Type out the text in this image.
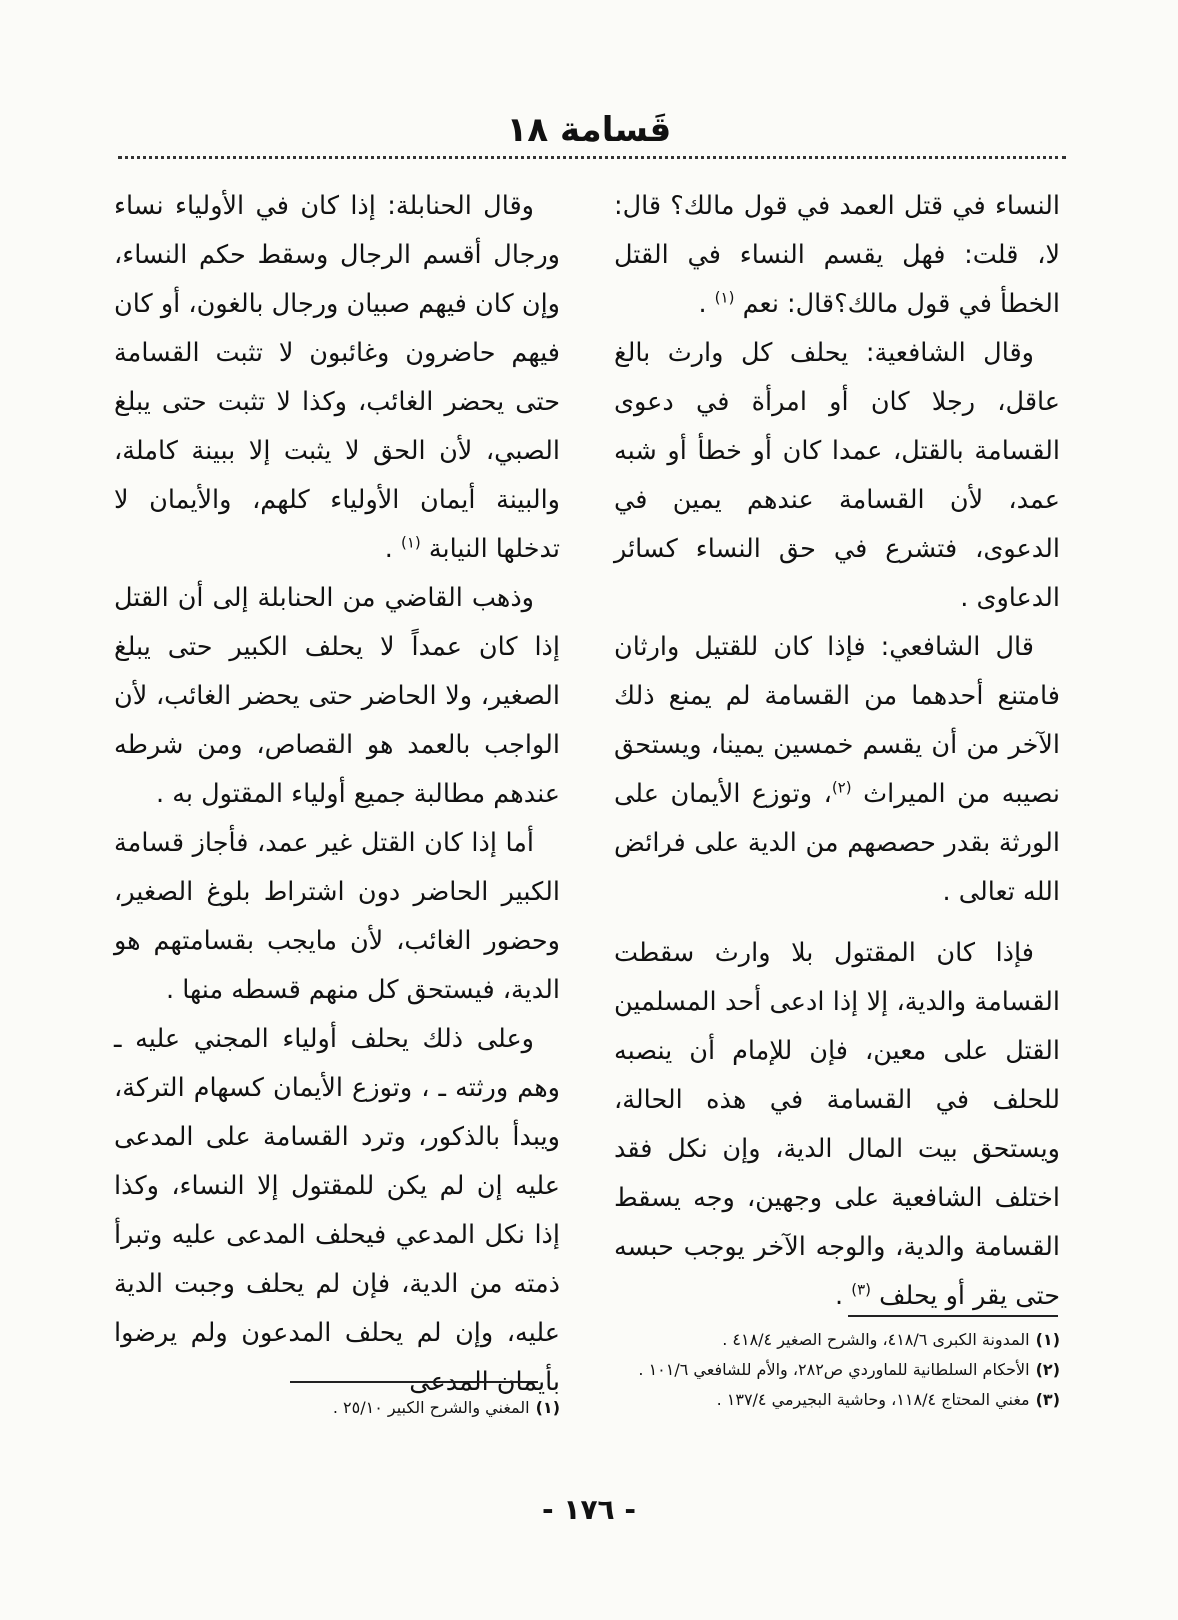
قَسامة ١٨

النساء في قتل العمد في قول مالك؟ قال: لا، قلت: فهل يقسم النساء في القتل الخطأ في قول مالك؟قال: نعم $^{(١)}$ .

وقال الشافعية: يحلف كل وارث بالغ عاقل، رجلا كان أو امرأة في دعوى القسامة بالقتل، عمدا كان أو خطأ أو شبه عمد، لأن القسامة عندهم يمين في الدعوى، فتشرع في حق النساء كسائر الدعاوى .

قال الشافعي: فإذا كان للقتيل وارثان فامتنع أحدهما من القسامة لم يمنع ذلك الآخر من أن يقسم خمسين يمينا، ويستحق نصيبه من الميراث $^{(٢)}$، وتوزع الأيمان على الورثة بقدر حصصهم من الدية على فرائض الله تعالى .

فإذا كان المقتول بلا وارث سقطت القسامة والدية، إلا إذا ادعى أحد المسلمين القتل على معين، فإن للإمام أن ينصبه للحلف في القسامة في هذه الحالة، ويستحق بيت المال الدية، وإن نكل فقد اختلف الشافعية على وجهين، وجه يسقط القسامة والدية، والوجه الآخر يوجب حبسه حتى يقر أو يحلف $^{(٣)}$ .

وقال الحنابلة: إذا كان في الأولياء نساء ورجال أقسم الرجال وسقط حكم النساء، وإن كان فيهم صبيان ورجال بالغون، أو كان فيهم حاضرون وغائبون لا تثبت القسامة حتى يحضر الغائب، وكذا لا تثبت حتى يبلغ الصبي، لأن الحق لا يثبت إلا ببينة كاملة، والبينة أيمان الأولياء كلهم، والأيمان لا تدخلها النيابة $^{(١)}$ .

وذهب القاضي من الحنابلة إلى أن القتل إذا كان عمداً لا يحلف الكبير حتى يبلغ الصغير، ولا الحاضر حتى يحضر الغائب، لأن الواجب بالعمد هو القصاص، ومن شرطه عندهم مطالبة جميع أولياء المقتول به .

أما إذا كان القتل غير عمد، فأجاز قسامة الكبير الحاضر دون اشتراط بلوغ الصغير، وحضور الغائب، لأن مايجب بقسامتهم هو الدية، فيستحق كل منهم قسطه منها .

وعلى ذلك يحلف أولياء المجني عليه ـ وهم ورثته ـ ، وتوزع الأيمان كسهام التركة، ويبدأ بالذكور، وترد القسامة على المدعى عليه إن لم يكن للمقتول إلا النساء، وكذا إذا نكل المدعي فيحلف المدعى عليه وتبرأ ذمته من الدية، فإن لم يحلف وجبت الدية عليه، وإن لم يحلف المدعون ولم يرضوا بأيمان المدعى

(١)المدونة الكبرى ٤١٨/٦، والشرح الصغير ٤١٨/٤ .

(٢)الأحكام السلطانية للماوردي ص٢٨٢، والأم للشافعي ١٠١/٦ .

(٣)مغني المحتاج ١١٨/٤، وحاشية البجيرمي ١٣٧/٤ .

(١)المغني والشرح الكبير ٢٥/١٠ .

- ١٧٦ -
